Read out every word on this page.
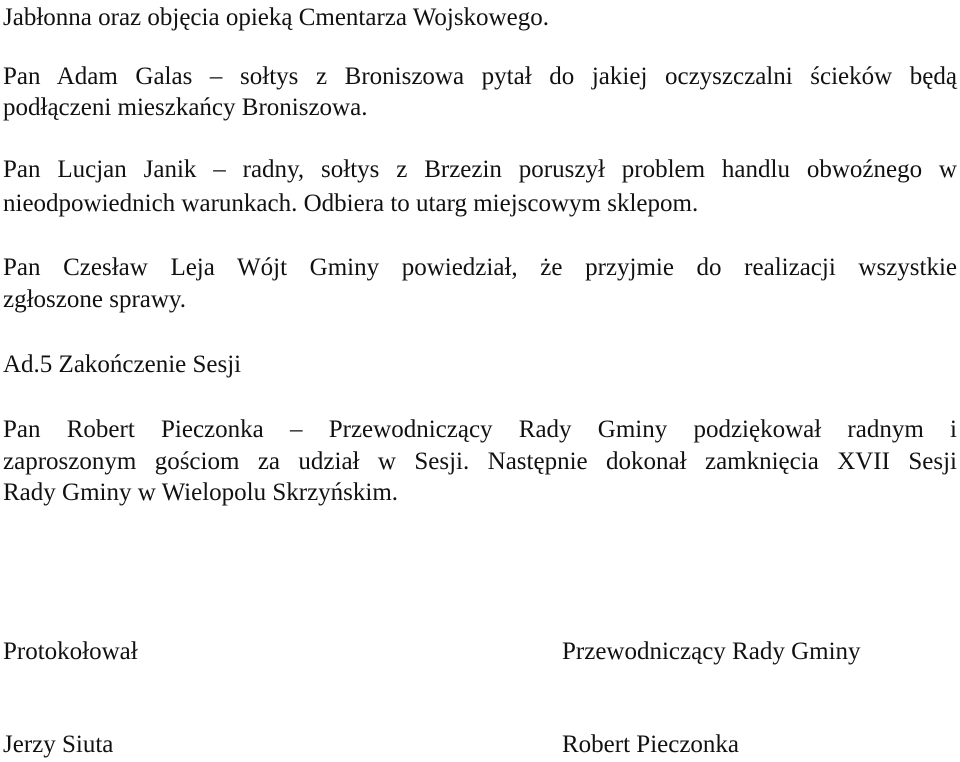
Jabłonna oraz objęcia opieką Cmentarza Wojskowego.
Pan Adam Galas – sołtys z Broniszowa pytał do jakiej oczyszczalni ścieków będą
podłączeni mieszkańcy Broniszowa.
Pan Lucjan Janik – radny, sołtys z Brzezin poruszył problem handlu obwoźnego w
nieodpowiednich warunkach. Odbiera to utarg miejscowym sklepom.
Pan Czesław Leja Wójt Gminy powiedział, że przyjmie do realizacji wszystkie
zgłoszone sprawy.
Ad.5 Zakończenie Sesji
Pan Robert Pieczonka – Przewodniczący Rady Gminy podziękował radnym i
zaproszonym gościom za udział w Sesji. Następnie dokonał zamknięcia XVII Sesji
Rady Gminy w Wielopolu Skrzyńskim.
Protokołował	Przewodniczący Rady Gminy
Jerzy Siuta	Robert Pieczonka
